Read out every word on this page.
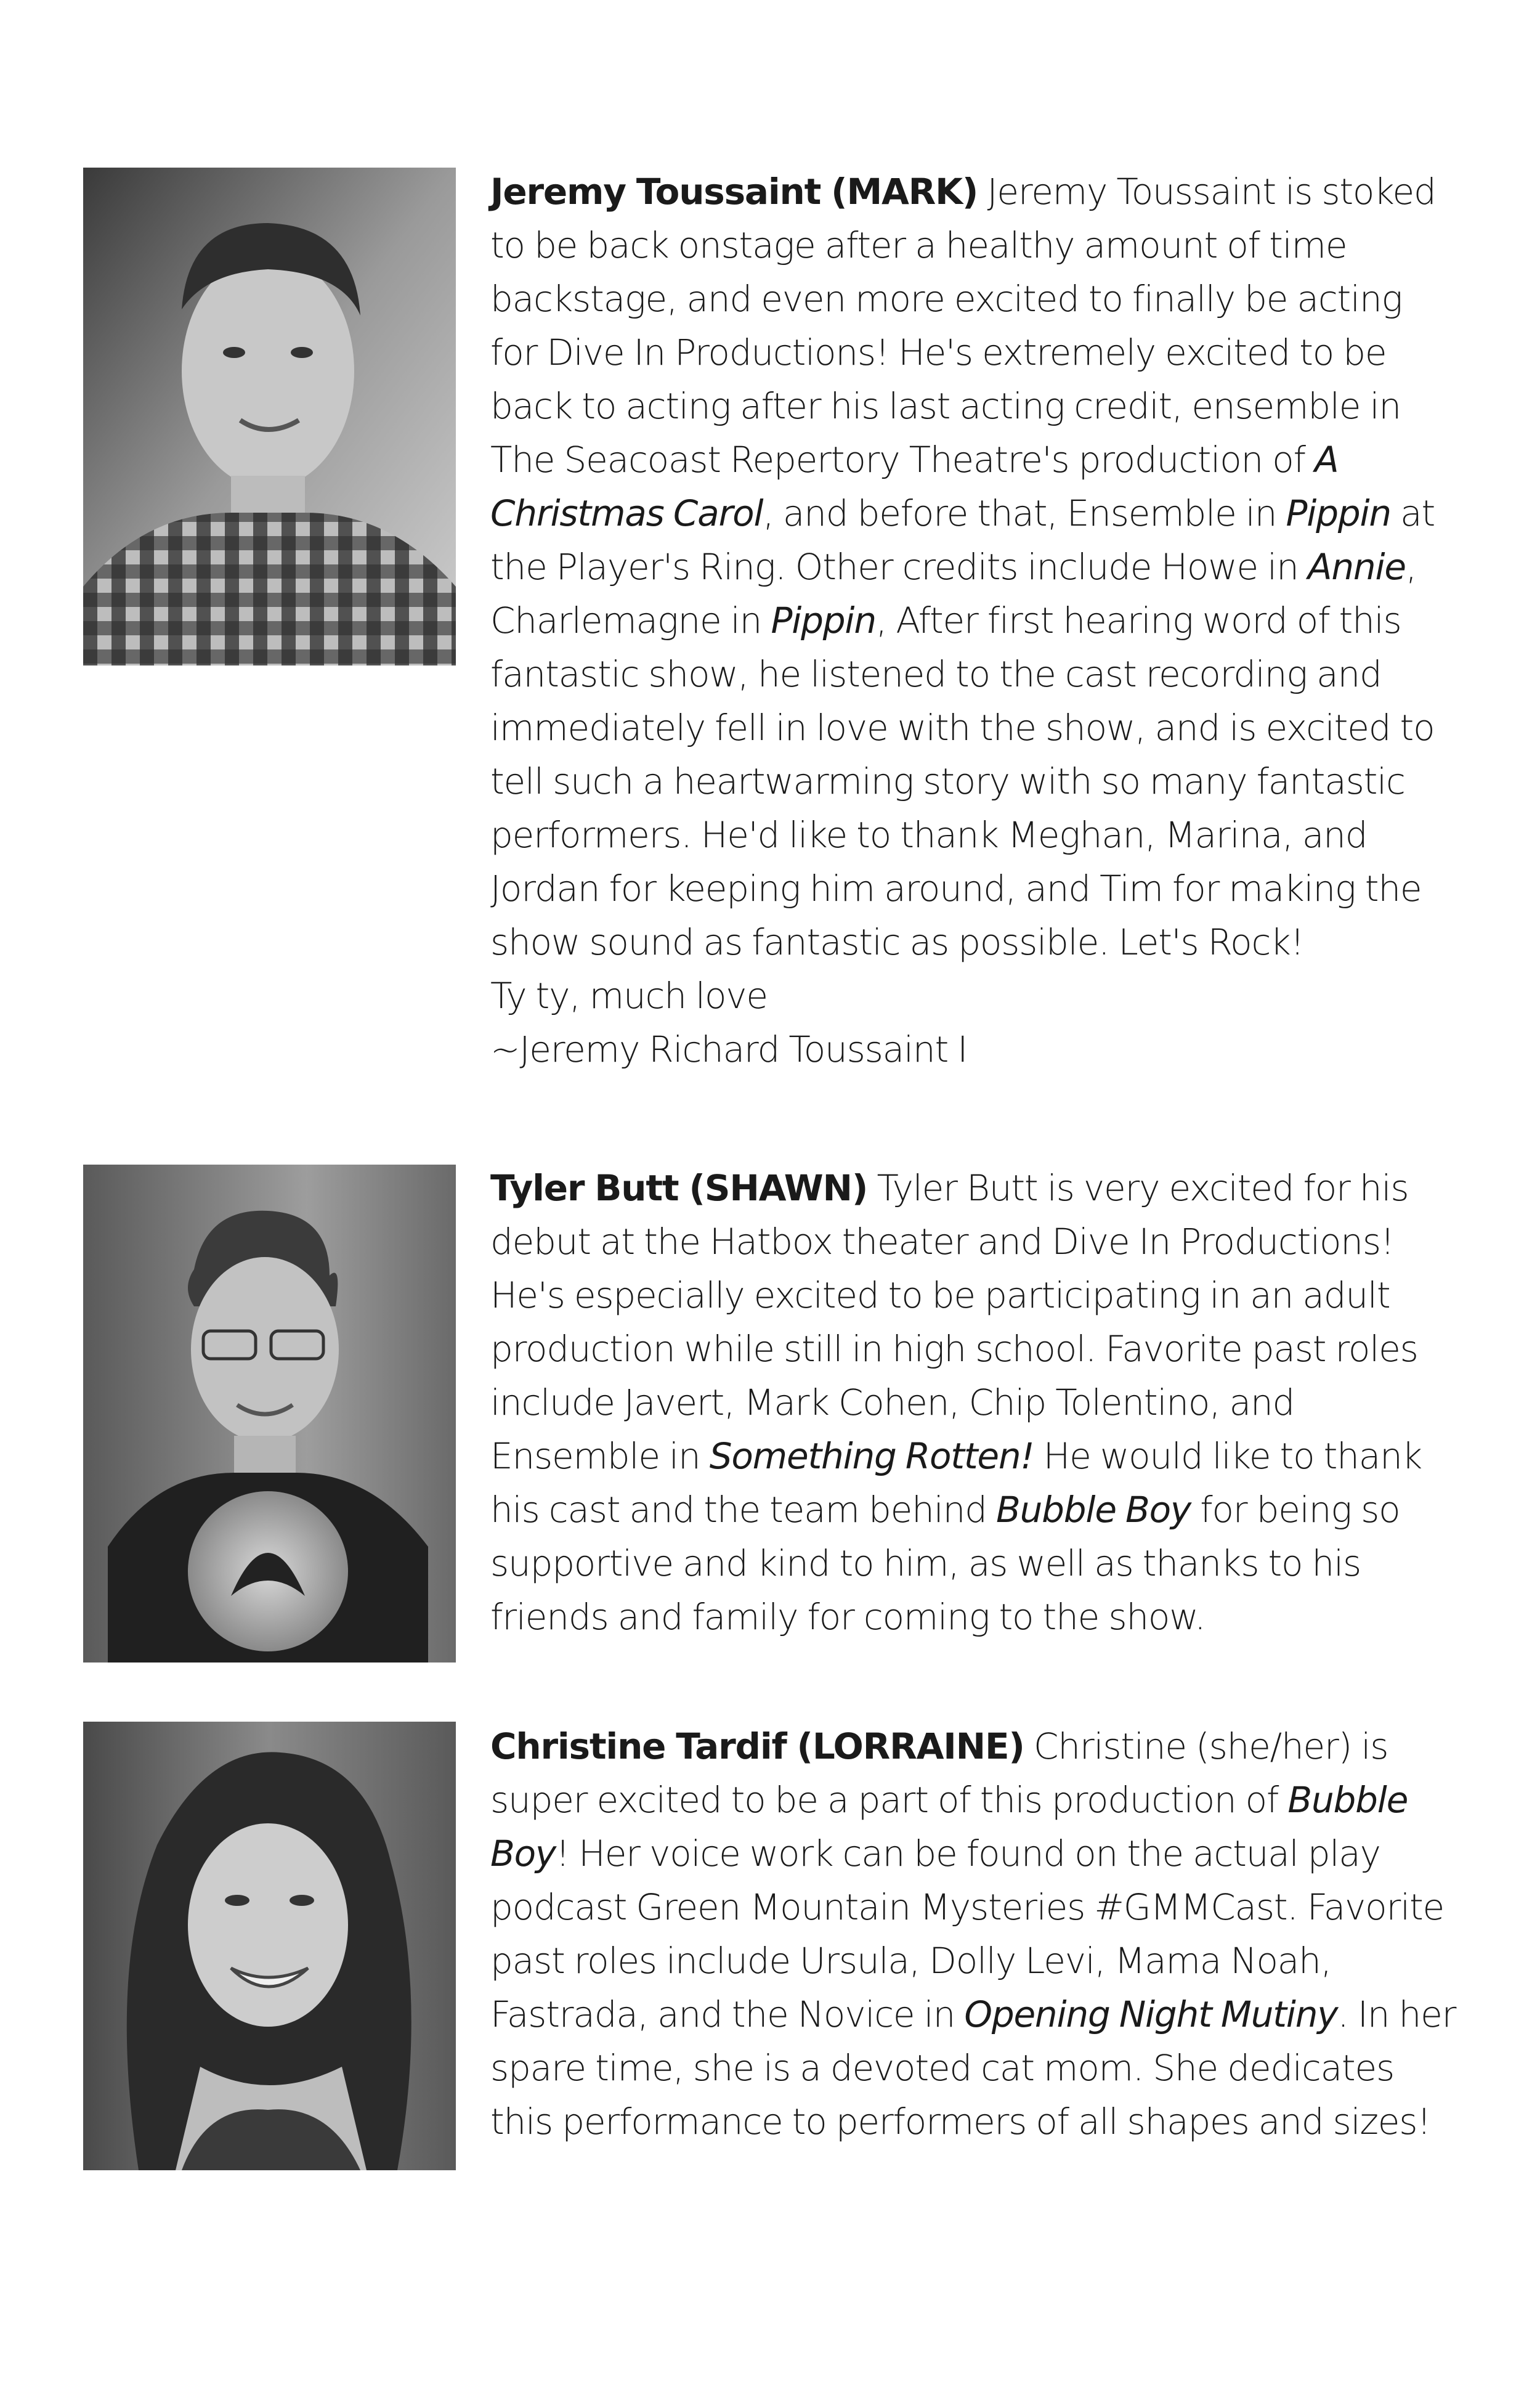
Jeremy Toussaint (MARK) Jeremy Toussaint is stoked to be back onstage after a healthy amount of time backstage, and even more excited to finally be acting for Dive In Productions! He's extremely excited to be back to acting after his last acting credit, ensemble in The Seacoast Repertory Theatre's production of A Christmas Carol, and before that, Ensemble in Pippin at the Player's Ring. Other credits include Howe in Annie, Charlemagne in Pippin, After first hearing word of this fantastic show, he listened to the cast recording and immediately fell in love with the show, and is excited to tell such a heartwarming story with so many fantastic performers. He'd like to thank Meghan, Marina, and Jordan for keeping him around, and Tim for making the show sound as fantastic as possible. Let's Rock!
Ty ty, much love
~Jeremy Richard Toussaint I

Tyler Butt (SHAWN) Tyler Butt is very excited for his debut at the Hatbox theater and Dive In Productions! He's especially excited to be participating in an adult production while still in high school. Favorite past roles include Javert, Mark Cohen, Chip Tolentino, and Ensemble in Something Rotten! He would like to thank his cast and the team behind Bubble Boy for being so supportive and kind to him, as well as thanks to his friends and family for coming to the show.

Christine Tardif (LORRAINE) Christine (she/her) is super excited to be a part of this production of Bubble Boy! Her voice work can be found on the actual play podcast Green Mountain Mysteries #GMMCast. Favorite past roles include Ursula, Dolly Levi, Mama Noah, Fastrada, and the Novice in Opening Night Mutiny. In her spare time, she is a devoted cat mom. She dedicates this performance to performers of all shapes and sizes!
